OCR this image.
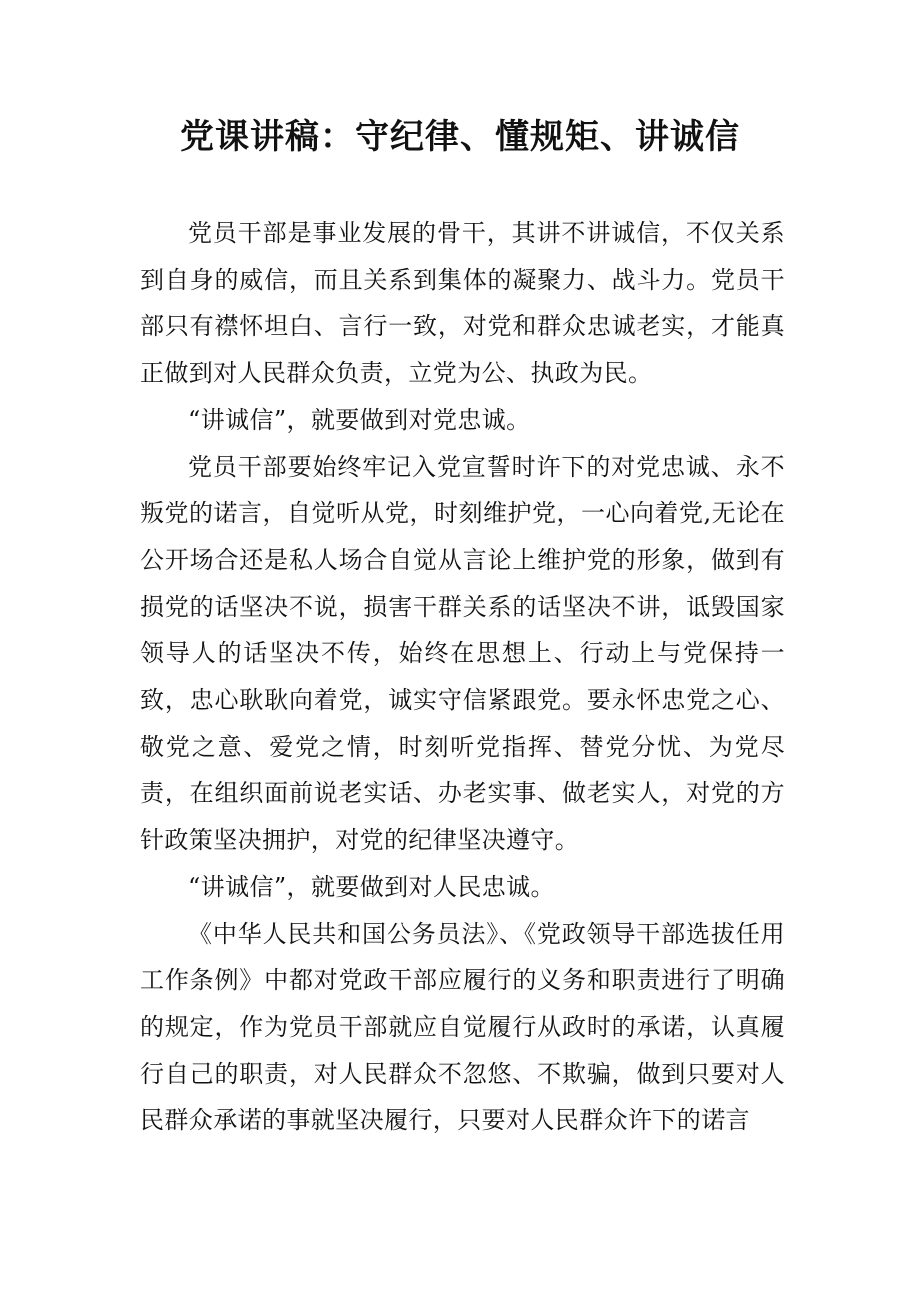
党课讲稿：守纪律、懂规矩、讲诚信

党员干部是事业发展的骨干，其讲不讲诚信，不仅关系到自身的威信，而且关系到集体的凝聚力、战斗力。党员干部只有襟怀坦白、言行一致，对党和群众忠诚老实，才能真正做到对人民群众负责，立党为公、执政为民。

“讲诚信”，就要做到对党忠诚。

党员干部要始终牢记入党宣誓时许下的对党忠诚、永不叛党的诺言，自觉听从党，时刻维护党，一心向着党,无论在公开场合还是私人场合自觉从言论上维护党的形象，做到有损党的话坚决不说，损害干群关系的话坚决不讲，诋毁国家领导人的话坚决不传，始终在思想上、行动上与党保持一致，忠心耿耿向着党，诚实守信紧跟党。要永怀忠党之心、敬党之意、爱党之情，时刻听党指挥、替党分忧、为党尽责，在组织面前说老实话、办老实事、做老实人，对党的方针政策坚决拥护，对党的纪律坚决遵守。

“讲诚信”，就要做到对人民忠诚。

《中华人民共和国公务员法》、《党政领导干部选拔任用工作条例》中都对党政干部应履行的义务和职责进行了明确的规定，作为党员干部就应自觉履行从政时的承诺，认真履行自己的职责，对人民群众不忽悠、不欺骗，做到只要对人民群众承诺的事就坚决履行，只要对人民群众许下的诺言
